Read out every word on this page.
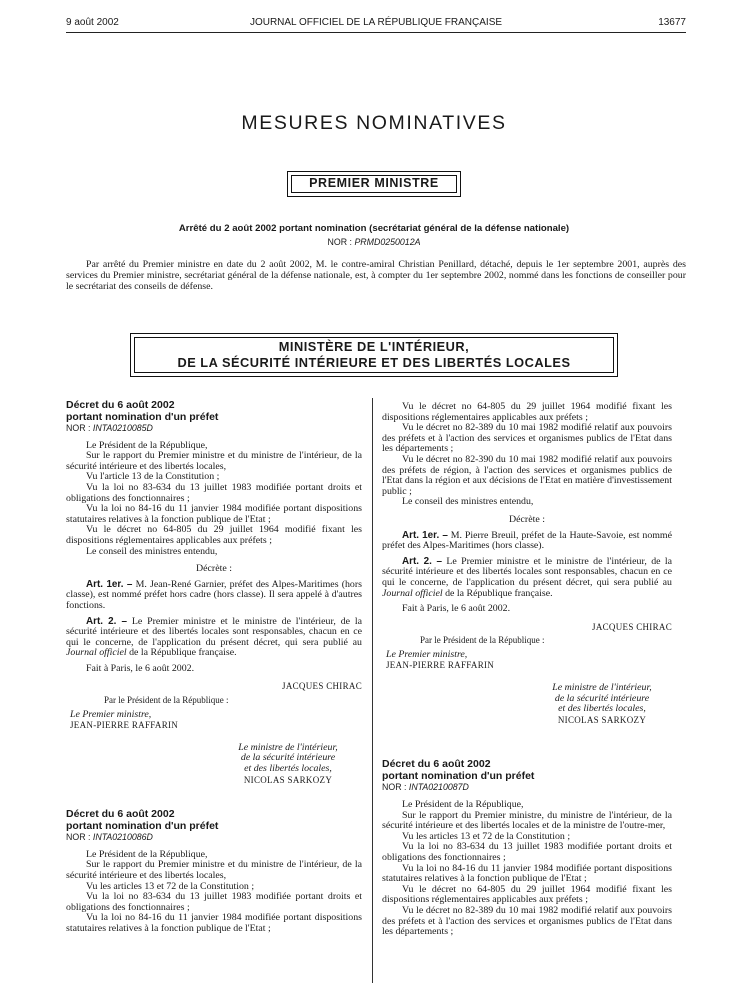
9 août 2002	JOURNAL OFFICIEL DE LA RÉPUBLIQUE FRANÇAISE	13677
MESURES NOMINATIVES
PREMIER MINISTRE
Arrêté du 2 août 2002 portant nomination (secrétariat général de la défense nationale)
NOR : PRMD0250012A

Par arrêté du Premier ministre en date du 2 août 2002, M. le contre-amiral Christian Penillard, détaché, depuis le 1er septembre 2001, auprès des services du Premier ministre, secrétariat général de la défense nationale, est, à compter du 1er septembre 2002, nommé dans les fonctions de conseiller pour le secrétariat des conseils de défense.

MINISTÈRE DE L'INTÉRIEUR,
DE LA SÉCURITÉ INTÉRIEURE ET DES LIBERTÉS LOCALES

Décret du 6 août 2002

portant nomination d'un préfet

NOR : INTA0210085D

Le Président de la République,

Sur le rapport du Premier ministre et du ministre de l'intérieur, de la sécurité intérieure et des libertés locales,

Vu l'article 13 de la Constitution ;

Vu la loi no 83-634 du 13 juillet 1983 modifiée portant droits et obligations des fonctionnaires ;

Vu la loi no 84-16 du 11 janvier 1984 modifiée portant dispositions statutaires relatives à la fonction publique de l'Etat ;

Vu le décret no 64-805 du 29 juillet 1964 modifié fixant les dispositions réglementaires applicables aux préfets ;

Le conseil des ministres entendu,

Décrète :

Art. 1er. – M. Jean-René Garnier, préfet des Alpes-Maritimes (hors classe), est nommé préfet hors cadre (hors classe). Il sera appelé à d'autres fonctions.

Art. 2. – Le Premier ministre et le ministre de l'intérieur, de la sécurité intérieure et des libertés locales sont responsables, chacun en ce qui le concerne, de l'application du présent décret, qui sera publié au Journal officiel de la République française.

Fait à Paris, le 6 août 2002.

JACQUES CHIRAC

Par le Président de la République :

Le Premier ministre,

JEAN-PIERRE RAFFARIN

Le ministre de l'intérieur,

de la sécurité intérieure

et des libertés locales,

NICOLAS SARKOZY

Décret du 6 août 2002

portant nomination d'un préfet

NOR : INTA0210086D

Le Président de la République,

Sur le rapport du Premier ministre et du ministre de l'intérieur, de la sécurité intérieure et des libertés locales,

Vu les articles 13 et 72 de la Constitution ;

Vu la loi no 83-634 du 13 juillet 1983 modifiée portant droits et obligations des fonctionnaires ;

Vu la loi no 84-16 du 11 janvier 1984 modifiée portant dispositions statutaires relatives à la fonction publique de l'Etat ;

Vu le décret no 64-805 du 29 juillet 1964 modifié fixant les dispositions réglementaires applicables aux préfets ;

Vu le décret no 82-389 du 10 mai 1982 modifié relatif aux pouvoirs des préfets et à l'action des services et organismes publics de l'Etat dans les départements ;

Vu le décret no 82-390 du 10 mai 1982 modifié relatif aux pouvoirs des préfets de région, à l'action des services et organismes publics de l'Etat dans la région et aux décisions de l'Etat en matière d'investissement public ;

Le conseil des ministres entendu,

Décrète :

Art. 1er. – M. Pierre Breuil, préfet de la Haute-Savoie, est nommé préfet des Alpes-Maritimes (hors classe).

Art. 2. – Le Premier ministre et le ministre de l'intérieur, de la sécurité intérieure et des libertés locales sont responsables, chacun en ce qui le concerne, de l'application du présent décret, qui sera publié au Journal officiel de la République française.

Fait à Paris, le 6 août 2002.

JACQUES CHIRAC

Par le Président de la République :

Le Premier ministre,

JEAN-PIERRE RAFFARIN

Le ministre de l'intérieur,

de la sécurité intérieure

et des libertés locales,

NICOLAS SARKOZY

Décret du 6 août 2002

portant nomination d'un préfet

NOR : INTA0210087D

Le Président de la République,

Sur le rapport du Premier ministre, du ministre de l'intérieur, de la sécurité intérieure et des libertés locales et de la ministre de l'outre-mer,

Vu les articles 13 et 72 de la Constitution ;

Vu la loi no 83-634 du 13 juillet 1983 modifiée portant droits et obligations des fonctionnaires ;

Vu la loi no 84-16 du 11 janvier 1984 modifiée portant dispositions statutaires relatives à la fonction publique de l'Etat ;

Vu le décret no 64-805 du 29 juillet 1964 modifié fixant les dispositions réglementaires applicables aux préfets ;

Vu le décret no 82-389 du 10 mai 1982 modifié relatif aux pouvoirs des préfets et à l'action des services et organismes publics de l'Etat dans les départements ;
